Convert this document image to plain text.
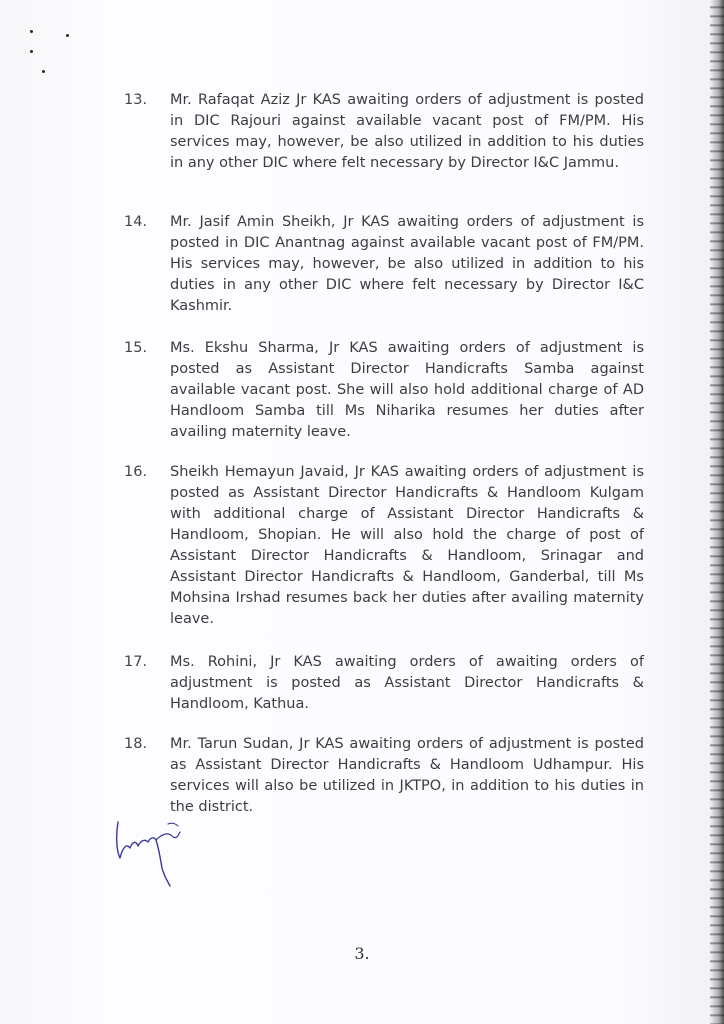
13.	Mr. Rafaqat Aziz Jr KAS awaiting orders of adjustment is posted in DIC Rajouri against available vacant post of FM/PM. His services may, however, be also utilized in addition to his duties in any other DIC where felt necessary by Director I&C Jammu.
14.	Mr. Jasif Amin Sheikh, Jr KAS awaiting orders of adjustment is posted in DIC Anantnag against available vacant post of FM/PM. His services may, however, be also utilized in addition to his duties in any other DIC where felt necessary by Director I&C Kashmir.
15.	Ms. Ekshu Sharma, Jr KAS awaiting orders of adjustment is posted as Assistant Director Handicrafts Samba against available vacant post. She will also hold additional charge of AD Handloom Samba till Ms Niharika resumes her duties after availing maternity leave.
16.	Sheikh Hemayun Javaid, Jr KAS awaiting orders of adjustment is posted as Assistant Director Handicrafts & Handloom Kulgam with additional charge of Assistant Director Handicrafts & Handloom, Shopian. He will also hold the charge of post of Assistant Director Handicrafts & Handloom, Srinagar and Assistant Director Handicrafts & Handloom, Ganderbal, till Ms Mohsina Irshad resumes back her duties after availing maternity leave.
17.	Ms. Rohini, Jr KAS awaiting orders of awaiting orders of adjustment is posted as Assistant Director Handicrafts & Handloom, Kathua.
18.	Mr. Tarun Sudan, Jr KAS awaiting orders of adjustment is posted as Assistant Director Handicrafts & Handloom Udhampur. His services will also be utilized in JKTPO, in addition to his duties in the district.
3.
